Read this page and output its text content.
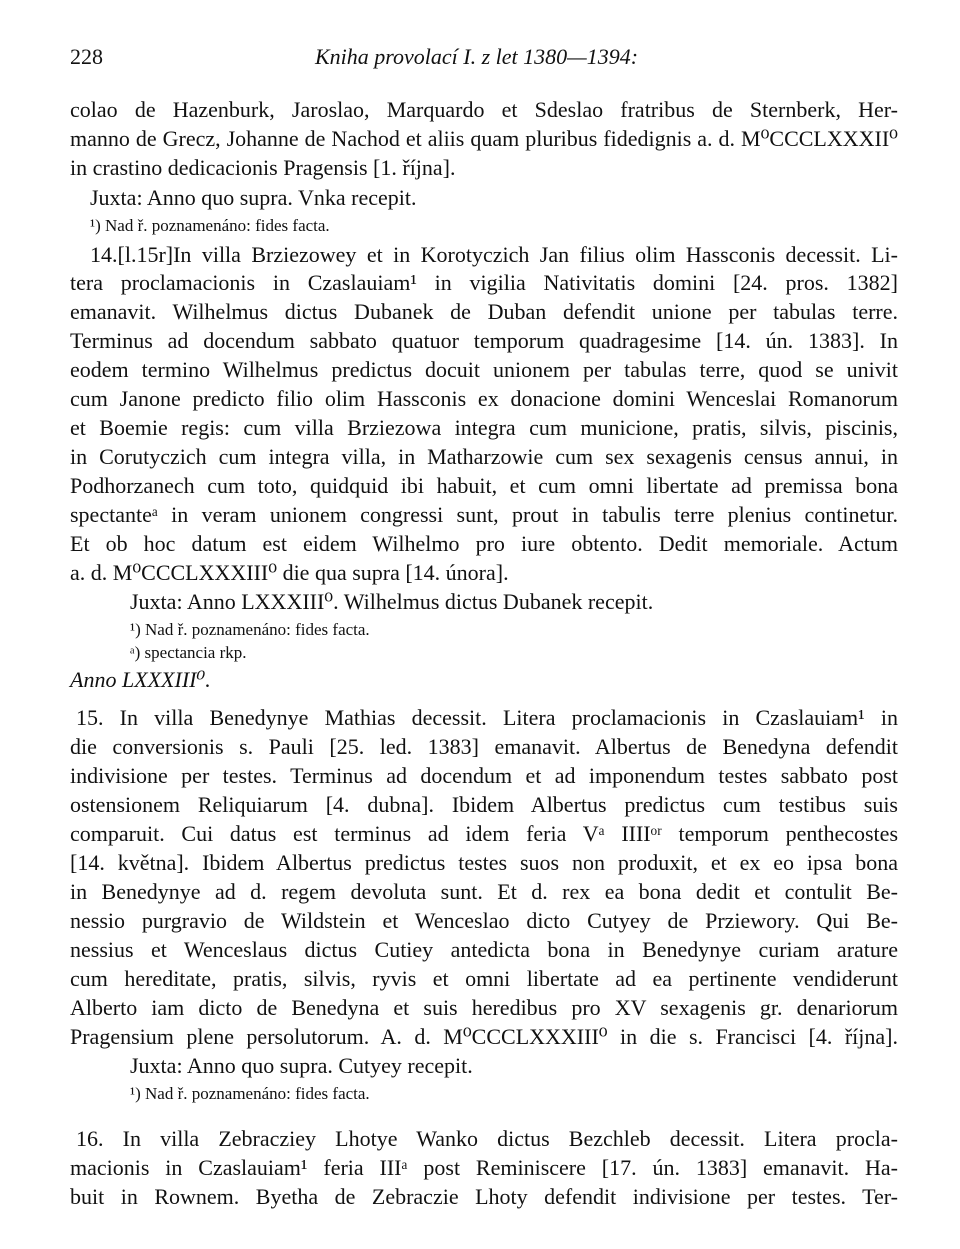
228	Kniha provolací I. z let 1380—1394:
colao de Hazenburk, Jaroslao, Marquardo et Sdeslao fratribus de Sternberk, Her-
manno de Grecz, Johanne de Nachod et aliis quam pluribus fidedignis a. d. M⁰CCCLXXXII⁰
in crastino dedicacionis Pragensis [1. října].
Juxta: Anno quo supra. Vnka recepit.
¹) Nad ř. poznamenáno: fides facta.
14.[l.15r]In villa Brziezowey et in Korotyczich Jan filius olim Hassconis decessit. Li-
tera proclamacionis in Czaslauiam¹ in vigilia Nativitatis domini [24. pros. 1382]
emanavit. Wilhelmus dictus Dubanek de Duban defendit unione per tabulas terre.
Terminus ad docendum sabbato quatuor temporum quadragesime [14. ún. 1383]. In
eodem termino Wilhelmus predictus docuit unionem per tabulas terre, quod se univit
cum Janone predicto filio olim Hassconis ex donacione domini Wenceslai Romanorum
et Boemie regis: cum villa Brziezowa integra cum municione, pratis, silvis, piscinis,
in Corutyczich cum integra villa, in Matharzowie cum sex sexagenis census annui, in
Podhorzanech cum toto, quidquid ibi habuit, et cum omni libertate ad premissa bona
spectanteᵃ in veram unionem congressi sunt, prout in tabulis terre plenius continetur.
Et ob hoc datum est eidem Wilhelmo pro iure obtento. Dedit memoriale. Actum
a. d. M⁰CCCLXXXIII⁰ die qua supra [14. února].
Juxta: Anno LXXXIII⁰. Wilhelmus dictus Dubanek recepit.
¹) Nad ř. poznamenáno: fides facta.
ᵃ) spectancia rkp.
Anno LXXXIII⁰.
15. In villa Benedynye Mathias decessit. Litera proclamacionis in Czaslauiam¹ in
die conversionis s. Pauli [25. led. 1383] emanavit. Albertus de Benedyna defendit
indivisione per testes. Terminus ad docendum et ad imponendum testes sabbato post
ostensionem Reliquiarum [4. dubna]. Ibidem Albertus predictus cum testibus suis
comparuit. Cui datus est terminus ad idem feria Vᵃ IIIIᵒʳ temporum penthecostes
[14. května]. Ibidem Albertus predictus testes suos non produxit, et ex eo ipsa bona
in Benedynye ad d. regem devoluta sunt. Et d. rex ea bona dedit et contulit Be-
nessio purgravio de Wildstein et Wenceslao dicto Cutyey de Prziewory. Qui Be-
nessius et Wenceslaus dictus Cutiey antedicta bona in Benedynye curiam arature
cum hereditate, pratis, silvis, ryvis et omni libertate ad ea pertinente vendiderunt
Alberto iam dicto de Benedyna et suis heredibus pro XV sexagenis gr. denariorum
Pragensium plene persolutorum. A. d. M⁰CCCLXXXIII⁰ in die s. Francisci [4. října].
Juxta: Anno quo supra. Cutyey recepit.
¹) Nad ř. poznamenáno: fides facta.
16. In villa Zebracziey Lhotye Wanko dictus Bezchleb decessit. Litera procla-
macionis in Czaslauiam¹ feria IIIᵃ post Reminiscere [17. ún. 1383] emanavit. Ha-
buit in Rownem. Byetha de Zebraczie Lhoty defendit indivisione per testes. Ter-
